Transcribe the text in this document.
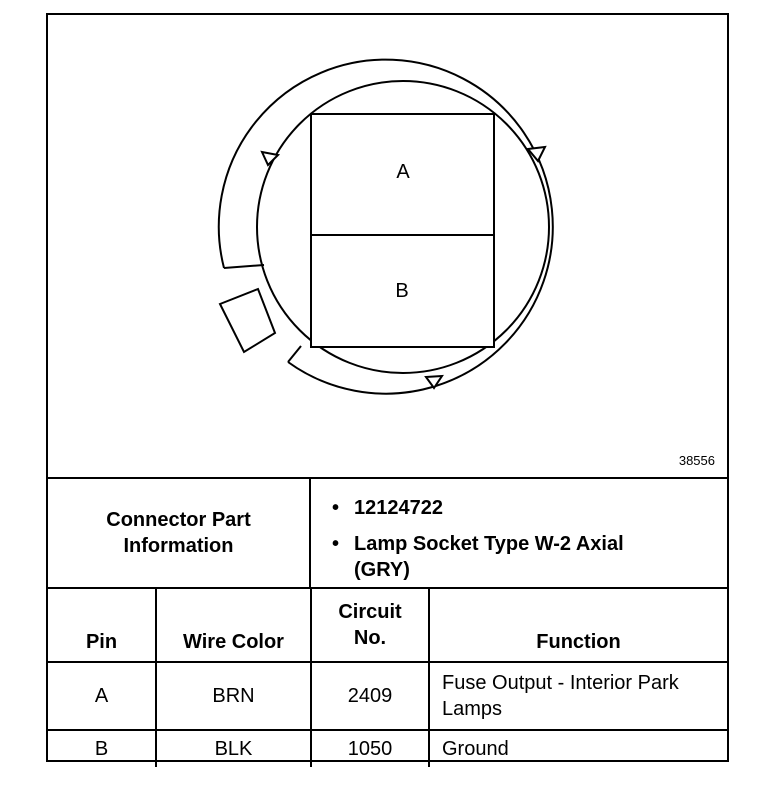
A
B
38556
Connector Part Information
• 12124722
• Lamp Socket Type W-2 Axial (GRY)
Pin	Wire Color	Circuit No.	Function
A	BRN	2409	Fuse Output - Interior Park Lamps
B	BLK	1050	Ground
